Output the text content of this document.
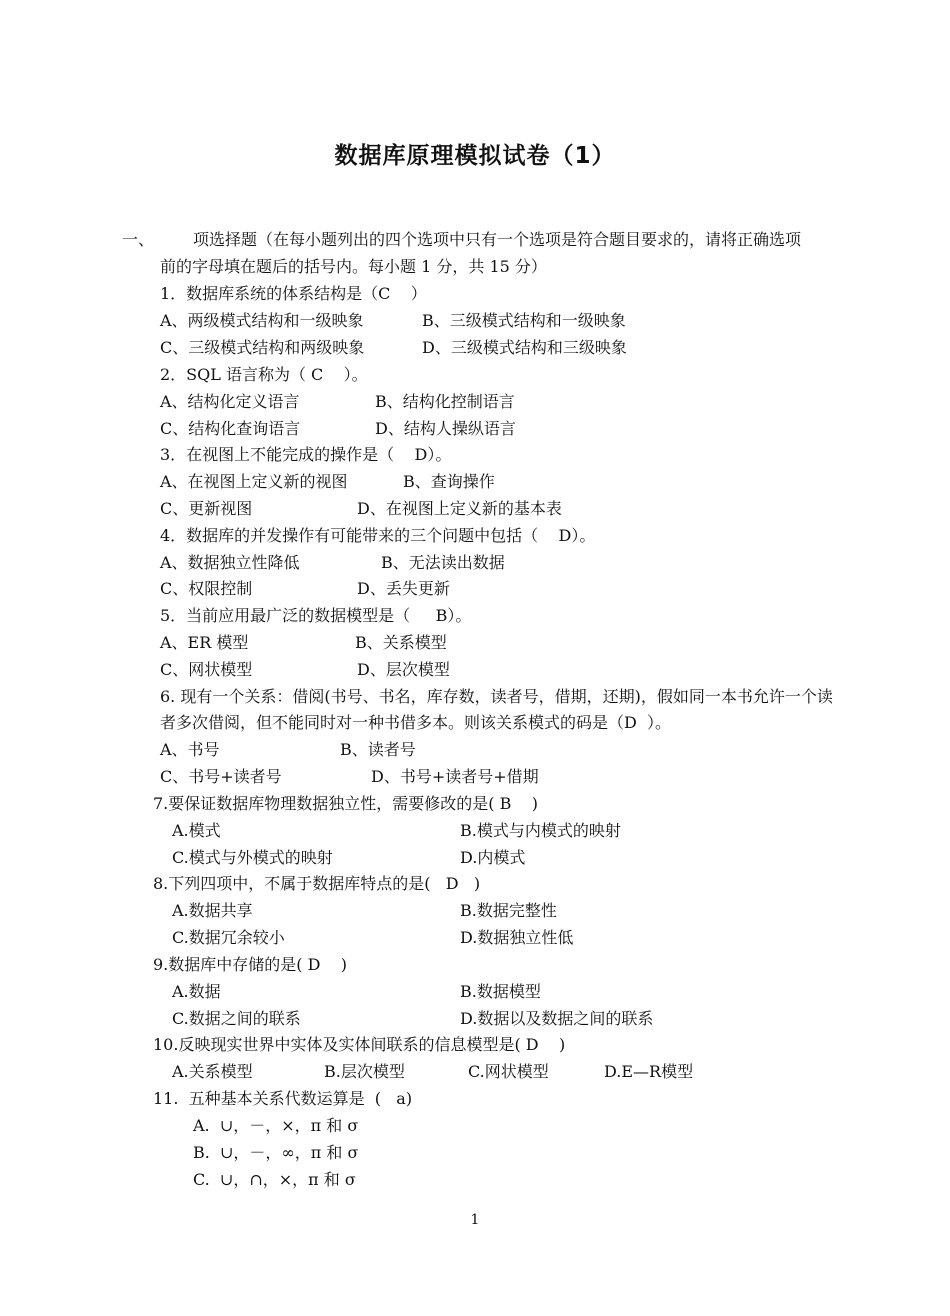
数据库原理模拟试卷（1）
一、 项选择题（在每小题列出的四个选项中只有一个选项是符合题目要求的，请将正确选项
前的字母填在题后的括号内。每小题 1 分，共 15 分）
1．数据库系统的体系结构是（C    ）
A、两级模式结构和一级映象	B、三级模式结构和一级映象
C、三级模式结构和两级映象	D、三级模式结构和三级映象
2．SQL 语言称为（ C    ）。
A、结构化定义语言	B、结构化控制语言
C、结构化查询语言	D、结构人操纵语言
3．在视图上不能完成的操作是（    D）。
A、在视图上定义新的视图	B、查询操作
C、更新视图	D、在视图上定义新的基本表
4．数据库的并发操作有可能带来的三个问题中包括（    D）。
A、数据独立性降低	B、无法读出数据
C、权限控制	D、丢失更新
5．当前应用最广泛的数据模型是（     B）。
A、ER 模型	B、关系模型
C、网状模型	D、层次模型
6. 现有一个关系：借阅(书号、书名，库存数，读者号，借期，还期)，假如同一本书允许一个读
者多次借阅，但不能同时对一种书借多本。则该关系模式的码是（D  ）。
A、书号	B、读者号
C、书号+读者号	D、书号+读者号+借期
7.要保证数据库物理数据独立性，需要修改的是( B    )
A.模式	B.模式与内模式的映射
C.模式与外模式的映射	D.内模式
8.下列四项中，不属于数据库特点的是(   D   )
A.数据共享	B.数据完整性
C.数据冗余较小	D.数据独立性低
9.数据库中存储的是( D    )
A.数据	B.数据模型
C.数据之间的联系	D.数据以及数据之间的联系
10.反映现实世界中实体及实体间联系的信息模型是( D    )
A.关系模型	B.层次模型	C.网状模型	D.E—R模型
11.  五种基本关系代数运算是  (   a)
A.  ∪，－，×，π 和 σ
B.  ∪，－，∞，π 和 σ
C.  ∪，∩，×，π 和 σ
1
